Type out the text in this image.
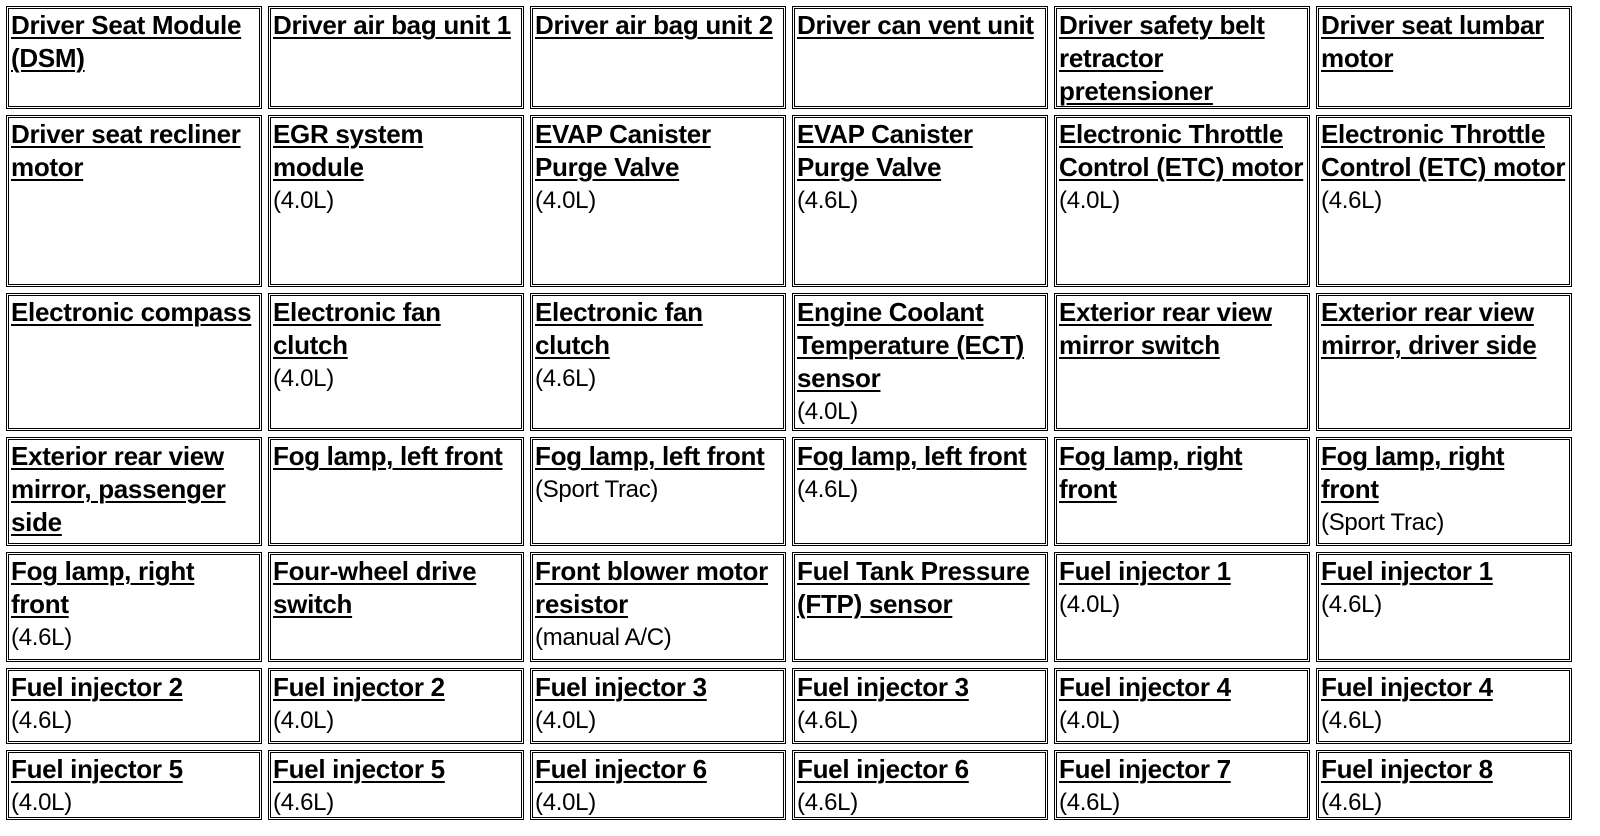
Driver Seat Module (DSM)
Driver air bag unit 1 Driver air bag unit 2 Driver can vent unit Driver safety belt retractor pretensioner
Driver seat lumbar motor
Driver seat recliner motor
EGR system module
(4.0L)
EVAP Canister Purge Valve
(4.0L)
EVAP Canister Purge Valve
(4.6L)
Electronic Throttle Control (ETC) motor
(4.0L)
Electronic Throttle Control (ETC) motor
(4.6L)
Electronic compass Electronic fan clutch
(4.0L)
Electronic fan clutch
(4.6L)
Engine Coolant Temperature (ECT) sensor
(4.0L)
Exterior rear view mirror switch
Exterior rear view mirror, driver side
Exterior rear view mirror, passenger side
Fog lamp, left front	Fog lamp, left front
(Sport Trac)
Fog lamp, left front
(4.6L)
Fog lamp, right front
Fog lamp, right front
(Sport Trac)
Fog lamp, right front
(4.6L)
Four-wheel drive switch
Front blower motor resistor
(manual A/C)
Fuel Tank Pressure (FTP) sensor
Fuel injector 1
(4.0L)
Fuel injector 1
(4.6L)
Fuel injector 2
(4.6L)
Fuel injector 2
(4.0L)
Fuel injector 3
(4.0L)
Fuel injector 3
(4.6L)
Fuel injector 4
(4.0L)
Fuel injector 4
(4.6L)
Fuel injector 5
(4.0L)
Fuel injector 5
(4.6L)
Fuel injector 6
(4.0L)
Fuel injector 6
(4.6L)
Fuel injector 7
(4.6L)
Fuel injector 8
(4.6L)
